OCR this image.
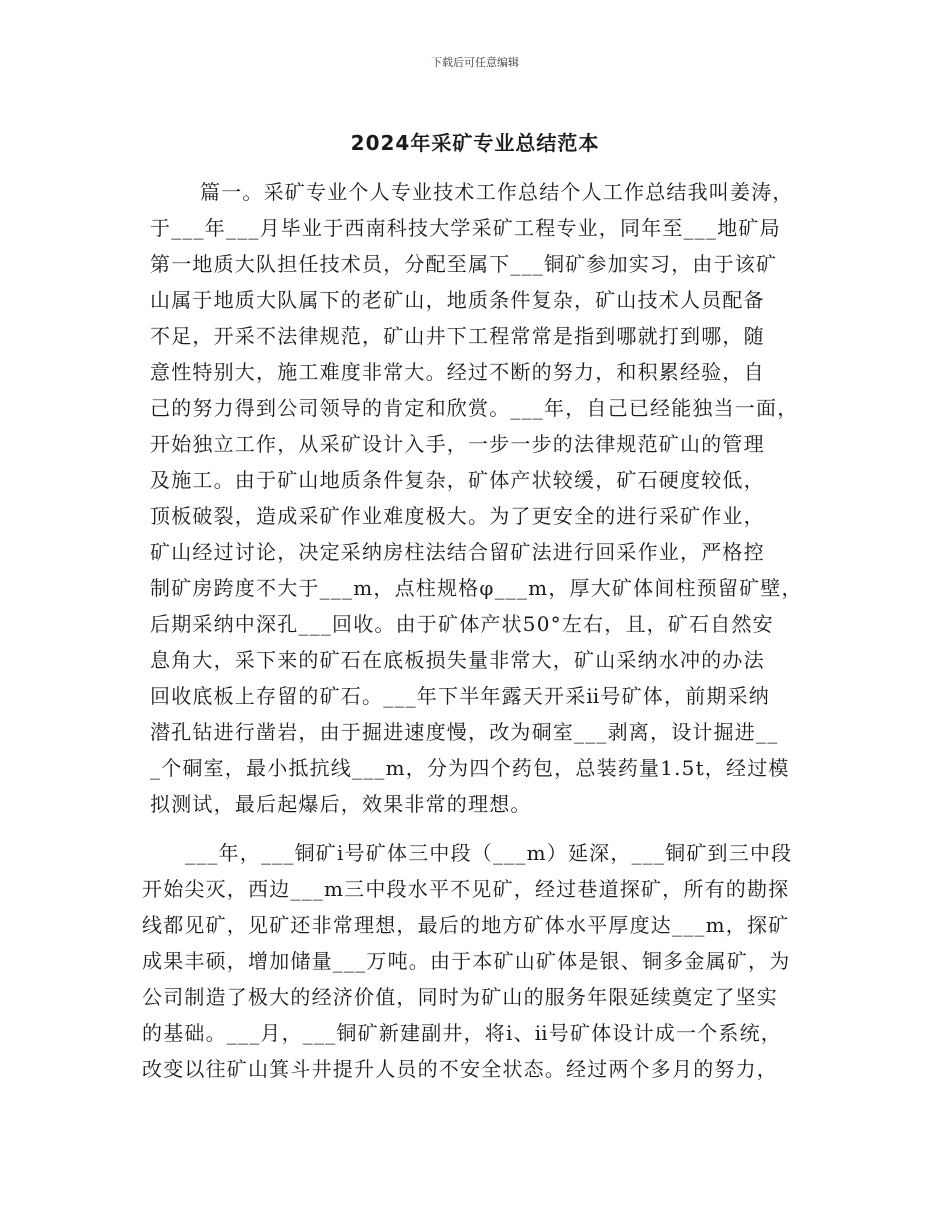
下载后可任意编辑
2024年采矿专业总结范本
篇一。采矿专业个人专业技术工作总结个人工作总结我叫姜涛，
于___年___月毕业于西南科技大学采矿工程专业，同年至___地矿局
第一地质大队担任技术员，分配至属下___铜矿参加实习，由于该矿
山属于地质大队属下的老矿山，地质条件复杂，矿山技术人员配备
不足，开采不法律规范，矿山井下工程常常是指到哪就打到哪，随
意性特别大，施工难度非常大。经过不断的努力，和积累经验，自
己的努力得到公司领导的肯定和欣赏。___年，自己已经能独当一面，
开始独立工作，从采矿设计入手，一步一步的法律规范矿山的管理
及施工。由于矿山地质条件复杂，矿体产状较缓，矿石硬度较低，
顶板破裂，造成采矿作业难度极大。为了更安全的进行采矿作业，
矿山经过讨论，决定采纳房柱法结合留矿法进行回采作业，严格控
制矿房跨度不大于___m，点柱规格φ___m，厚大矿体间柱预留矿壁，
后期采纳中深孔___回收。由于矿体产状50°左右，且，矿石自然安
息角大，采下来的矿石在底板损失量非常大，矿山采纳水冲的办法
回收底板上存留的矿石。___年下半年露天开采ⅱ号矿体，前期采纳
潜孔钻进行凿岩，由于掘进速度慢，改为硐室___剥离，设计掘进__
_个硐室，最小抵抗线___m，分为四个药包，总装药量1.5t，经过模
拟测试，最后起爆后，效果非常的理想。
___年，___铜矿ⅰ号矿体三中段（___m）延深，___铜矿到三中段
开始尖灭，西边___m三中段水平不见矿，经过巷道探矿，所有的勘探
线都见矿，见矿还非常理想，最后的地方矿体水平厚度达___m，探矿
成果丰硕，增加储量___万吨。由于本矿山矿体是银、铜多金属矿，为
公司制造了极大的经济价值，同时为矿山的服务年限延续奠定了坚实
的基础。___月，___铜矿新建副井，将ⅰ、ⅱ号矿体设计成一个系统，
改变以往矿山箕斗井提升人员的不安全状态。经过两个多月的努力，
